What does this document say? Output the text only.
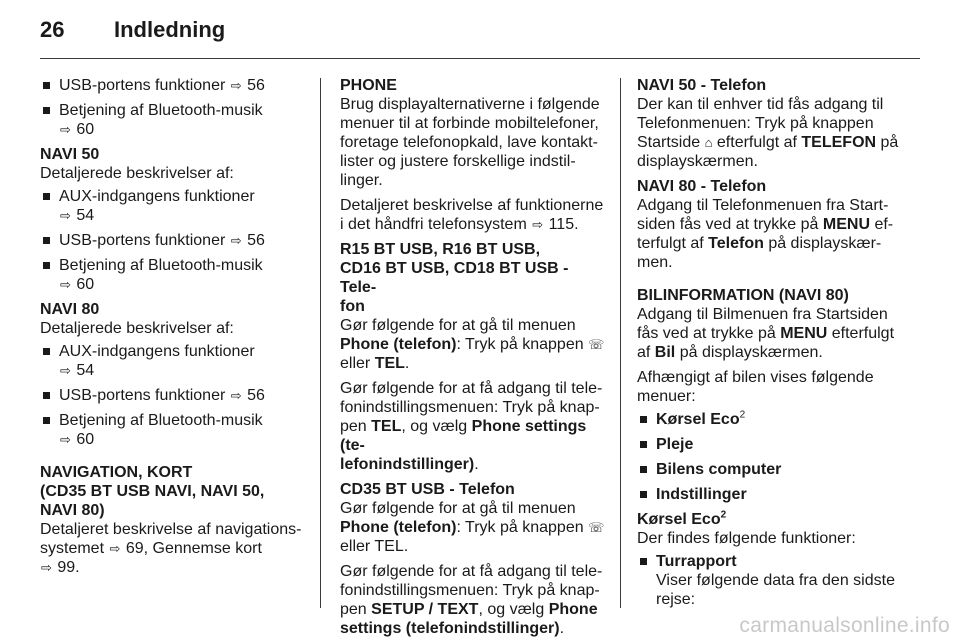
26 Indledning
USB-portens funktioner ⇨ 56
Betjening af Bluetooth-musik
⇨ 60

NAVI 50

Detaljerede beskrivelser af:

AUX-indgangens funktioner
⇨ 54
USB-portens funktioner ⇨ 56
Betjening af Bluetooth-musik
⇨ 60

NAVI 80

Detaljerede beskrivelser af:

AUX-indgangens funktioner
⇨ 54
USB-portens funktioner ⇨ 56
Betjening af Bluetooth-musik
⇨ 60

NAVIGATION, KORT
(CD35 BT USB NAVI, NAVI 50,
NAVI 80)

Detaljeret beskrivelse af navigations-
systemet ⇨ 69, Gennemse kort
⇨ 99.

PHONE

Brug displayalternativerne i følgende
menuer til at forbinde mobiltelefoner,
foretage telefonopkald, lave kontakt-
lister og justere forskellige indstil-
linger.

Detaljeret beskrivelse af funktionerne
i det håndfri telefonsystem ⇨ 115.

R15 BT USB, R16 BT USB,
CD16 BT USB, CD18 BT USB - Tele-
fon

Gør følgende for at gå til menuen
Phone (telefon): Tryk på knappen ☏
eller TEL.

Gør følgende for at få adgang til tele-
fonindstillingsmenuen: Tryk på knap-
pen TEL, og vælg Phone settings (te-
lefonindstillinger).

CD35 BT USB - Telefon

Gør følgende for at gå til menuen
Phone (telefon): Tryk på knappen ☏
eller TEL.

Gør følgende for at få adgang til tele-
fonindstillingsmenuen: Tryk på knap-
pen SETUP / TEXT, og vælg Phone
settings (telefonindstillinger).

NAVI 50 - Telefon

Der kan til enhver tid fås adgang til
Telefonmenuen: Tryk på knappen
Startside ⌂ efterfulgt af TELEFON på
displayskærmen.

NAVI 80 - Telefon

Adgang til Telefonmenuen fra Start-
siden fås ved at trykke på MENU ef-
terfulgt af Telefon på displayskær-
men.

BILINFORMATION (NAVI 80)

Adgang til Bilmenuen fra Startsiden
fås ved at trykke på MENU efterfulgt
af Bil på displayskærmen.

Afhængigt af bilen vises følgende
menuer:

Kørsel Eco$^2$
Pleje
Bilens computer
Indstillinger

Kørsel Eco$^2$

Der findes følgende funktioner:

Turrapport

Viser følgende data fra den sidste
rejse:

carmanualsonline.info
